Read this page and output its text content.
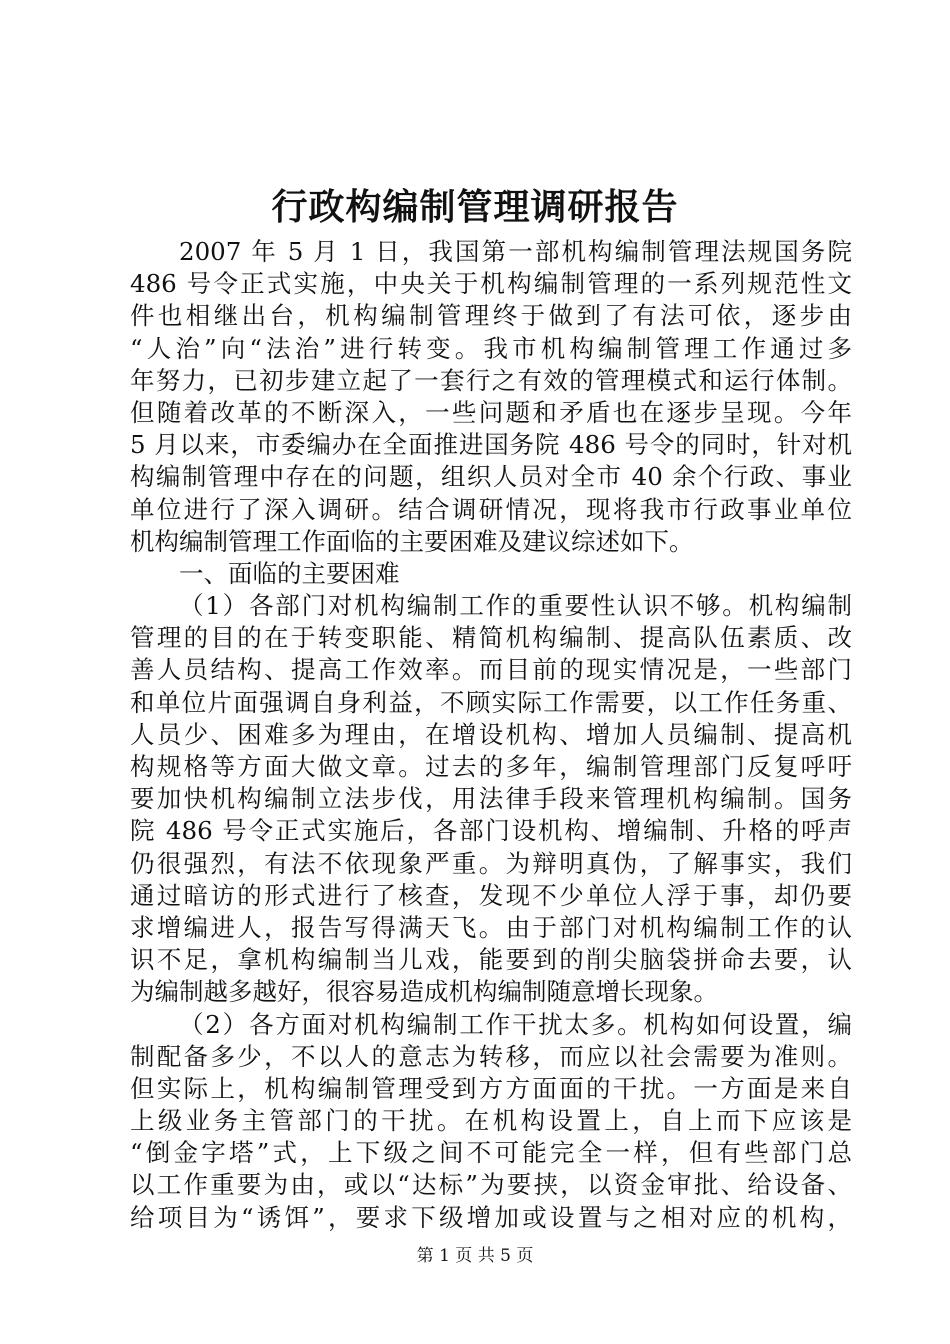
行政构编制管理调研报告
2007 年 5 月 1 日，我国第一部机构编制管理法规国务院
486 号令正式实施，中央关于机构编制管理的一系列规范性文
件也相继出台，机构编制管理终于做到了有法可依，逐步由
“人治”向“法治”进行转变。我市机构编制管理工作通过多
年努力，已初步建立起了一套行之有效的管理模式和运行体制。
但随着改革的不断深入，一些问题和矛盾也在逐步呈现。今年
5 月以来，市委编办在全面推进国务院 486 号令的同时，针对机
构编制管理中存在的问题，组织人员对全市 40 余个行政、事业
单位进行了深入调研。结合调研情况，现将我市行政事业单位
机构编制管理工作面临的主要困难及建议综述如下。
一、面临的主要困难
（1）各部门对机构编制工作的重要性认识不够。机构编制
管理的目的在于转变职能、精简机构编制、提高队伍素质、改
善人员结构、提高工作效率。而目前的现实情况是，一些部门
和单位片面强调自身利益，不顾实际工作需要，以工作任务重、
人员少、困难多为理由，在增设机构、增加人员编制、提高机
构规格等方面大做文章。过去的多年，编制管理部门反复呼吁
要加快机构编制立法步伐，用法律手段来管理机构编制。国务
院 486 号令正式实施后，各部门设机构、增编制、升格的呼声
仍很强烈，有法不依现象严重。为辩明真伪，了解事实，我们
通过暗访的形式进行了核查，发现不少单位人浮于事，却仍要
求增编进人，报告写得满天飞。由于部门对机构编制工作的认
识不足，拿机构编制当儿戏，能要到的削尖脑袋拼命去要，认
为编制越多越好，很容易造成机构编制随意增长现象。
（2）各方面对机构编制工作干扰太多。机构如何设置，编
制配备多少，不以人的意志为转移，而应以社会需要为准则。
但实际上，机构编制管理受到方方面面的干扰。一方面是来自
上级业务主管部门的干扰。在机构设置上，自上而下应该是
“倒金字塔”式，上下级之间不可能完全一样，但有些部门总
以工作重要为由，或以“达标”为要挟，以资金审批、给设备、
给项目为“诱饵”，要求下级增加或设置与之相对应的机构，
第 1 页 共 5 页
